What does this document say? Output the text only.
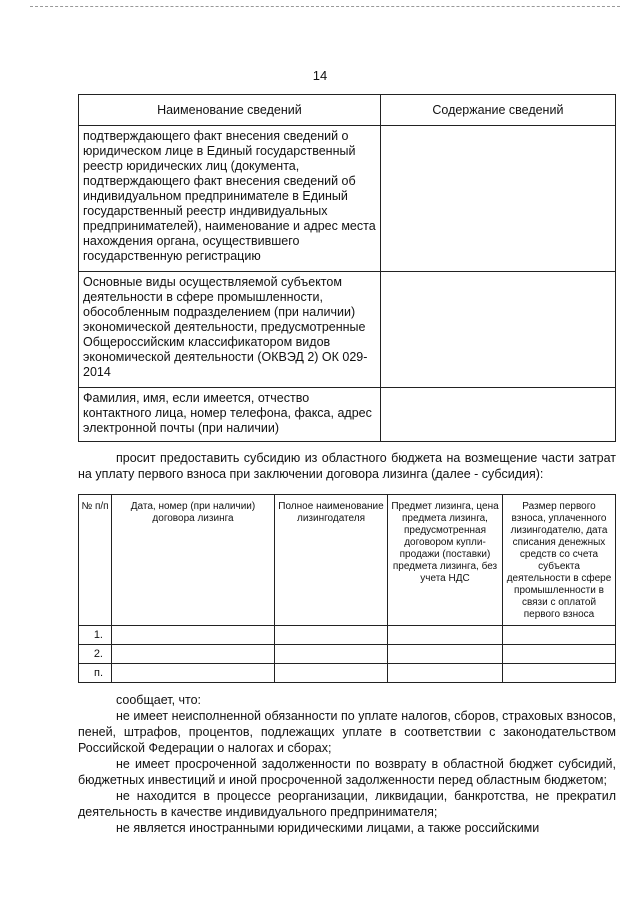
14
Наименование сведений	Содержание сведений
подтверждающего факт внесения сведений о юридическом лице в Единый государственный реестр юридических лиц (документа, подтверждающего факт внесения сведений об индивидуальном предпринимателе в Единый государственный реестр индивидуальных предпринимателей), наименование и адрес места нахождения органа, осуществившего государственную регистрацию	
Основные виды осуществляемой субъектом деятельности в сфере промышленности, обособленным подразделением (при наличии) экономической деятельности, предусмотренные Общероссийским классификатором видов экономической деятельности (ОКВЭД 2) ОК 029-2014	
Фамилия, имя, если имеется, отчество контактного лица, номер телефона, факса, адрес электронной почты (при наличии)	

просит предоставить субсидию из областного бюджета на возмещение части затрат на уплату первого взноса при заключении договора лизинга (далее - субсидия):

№ п/п	Дата, номер (при наличии) договора лизинга	Полное наименование лизингодателя	Предмет лизинга, цена предмета лизинга, предусмотренная договором купли-продажи (поставки) предмета лизинга, без учета НДС	Размер первого взноса, уплаченного лизингодателю, дата списания денежных средств со счета субъекта деятельности в сфере промышленности в связи с оплатой первого взноса
1.				
2.				
п.				

сообщает, что:

не имеет неисполненной обязанности по уплате налогов, сборов, страховых взносов, пеней, штрафов, процентов, подлежащих уплате в соответствии с законодательством Российской Федерации о налогах и сборах;

не имеет просроченной задолженности по возврату в областной бюджет субсидий, бюджетных инвестиций и иной просроченной задолженности перед областным бюджетом;

не находится в процессе реорганизации, ликвидации, банкротства, не прекратил деятельность в качестве индивидуального предпринимателя;

не является иностранными юридическими лицами, а также российскими
